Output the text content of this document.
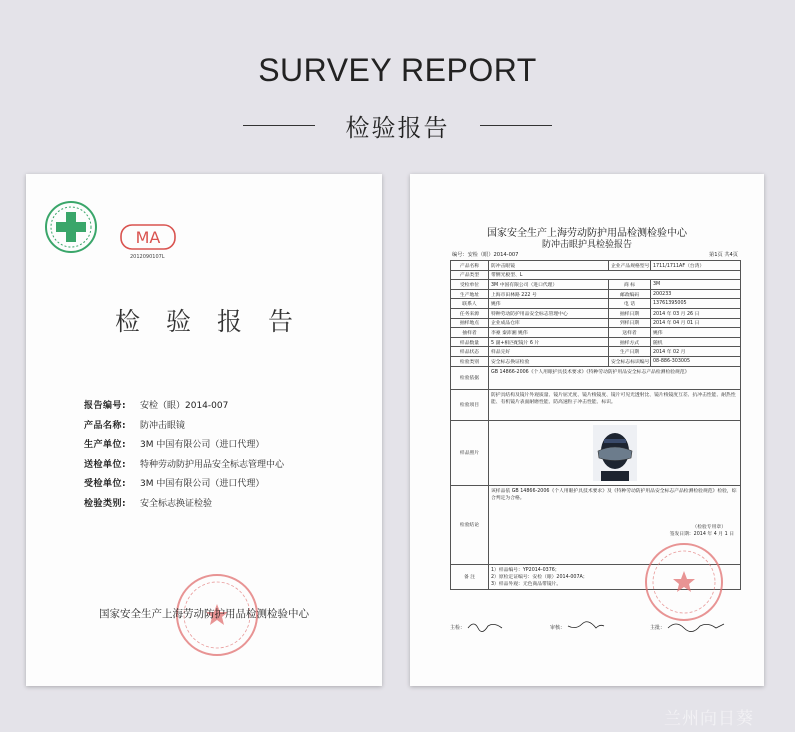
SURVEY REPORT
检验报告
MA
2012090107L
检验报告
报告编号: 安检（眼）2014-007
产品名称: 防冲击眼镜
生产单位: 3M 中国有限公司（进口代理）
送检单位: 特种劳动防护用品安全标志管理中心
受检单位: 3M 中国有限公司（进口代理）
检验类别: 安全标志换证检验
国家安全生产上海劳动防护用品检测检验中心
国家安全生产上海劳动防护用品检测检验中心
防冲击眼护具检验报告
编号：安检（眼）2014-007	第1页 共4页
产品名称	防冲击眼镜	企业产品规格型号	1711/1711AF（台湾）
产品类型	带侧光板型、L		
受检单位	3M 中国有限公司（进口代理）	商 标	3M
生产地址	上海市田林路 222 号	邮政编码	200233
联系人	姚伟	电 话	13761395005
任务来源	特种劳动防护用品安全标志管理中心	抽样日期	2014 年 03 月 26 日
抽样地点	企业成品仓库	到样日期	2014 年 04 月 01 日
抽样者	李豪 秦沛湘 姚伟	送样者	姚伟
样品数量	5 副+相匹配镜片 6 片	抽样方式	随机
样品状态	样品完好	生产日期	2014 年 02 月
检验类别	安全标志换证检验	安全标志标识编号	08-886-303005
检验依据	GB 14866-2006《个人用眼护具技术要求》《特种劳动防护用品安全标志产品检测检验规范》		
检验项目	防护具结构及镜片外观质量、镜片屈光度、镜片棱镜度、镜片可见光透射比、镜片棱镜度互差、抗冲击性能、耐热性能、有机镜片表面耐磨性能、防高速粒子冲击性能、标识。		
样品照片	

检验结论	该样品依 GB 14866-2006《个人用眼护具技术要求》及《特种劳动防护用品安全标志产品检测检验规范》检验，综合判定为合格。
（检验专用章）
签发日期：2014 年 4 月 1 日		

备 注	1）样品编号：YP2014-0376；
2）原检定证编号：安检（眼）2014-007A；
3）样品外观：无色商品带镜片。		
主检：	审核：	主批：
兰州向日葵
